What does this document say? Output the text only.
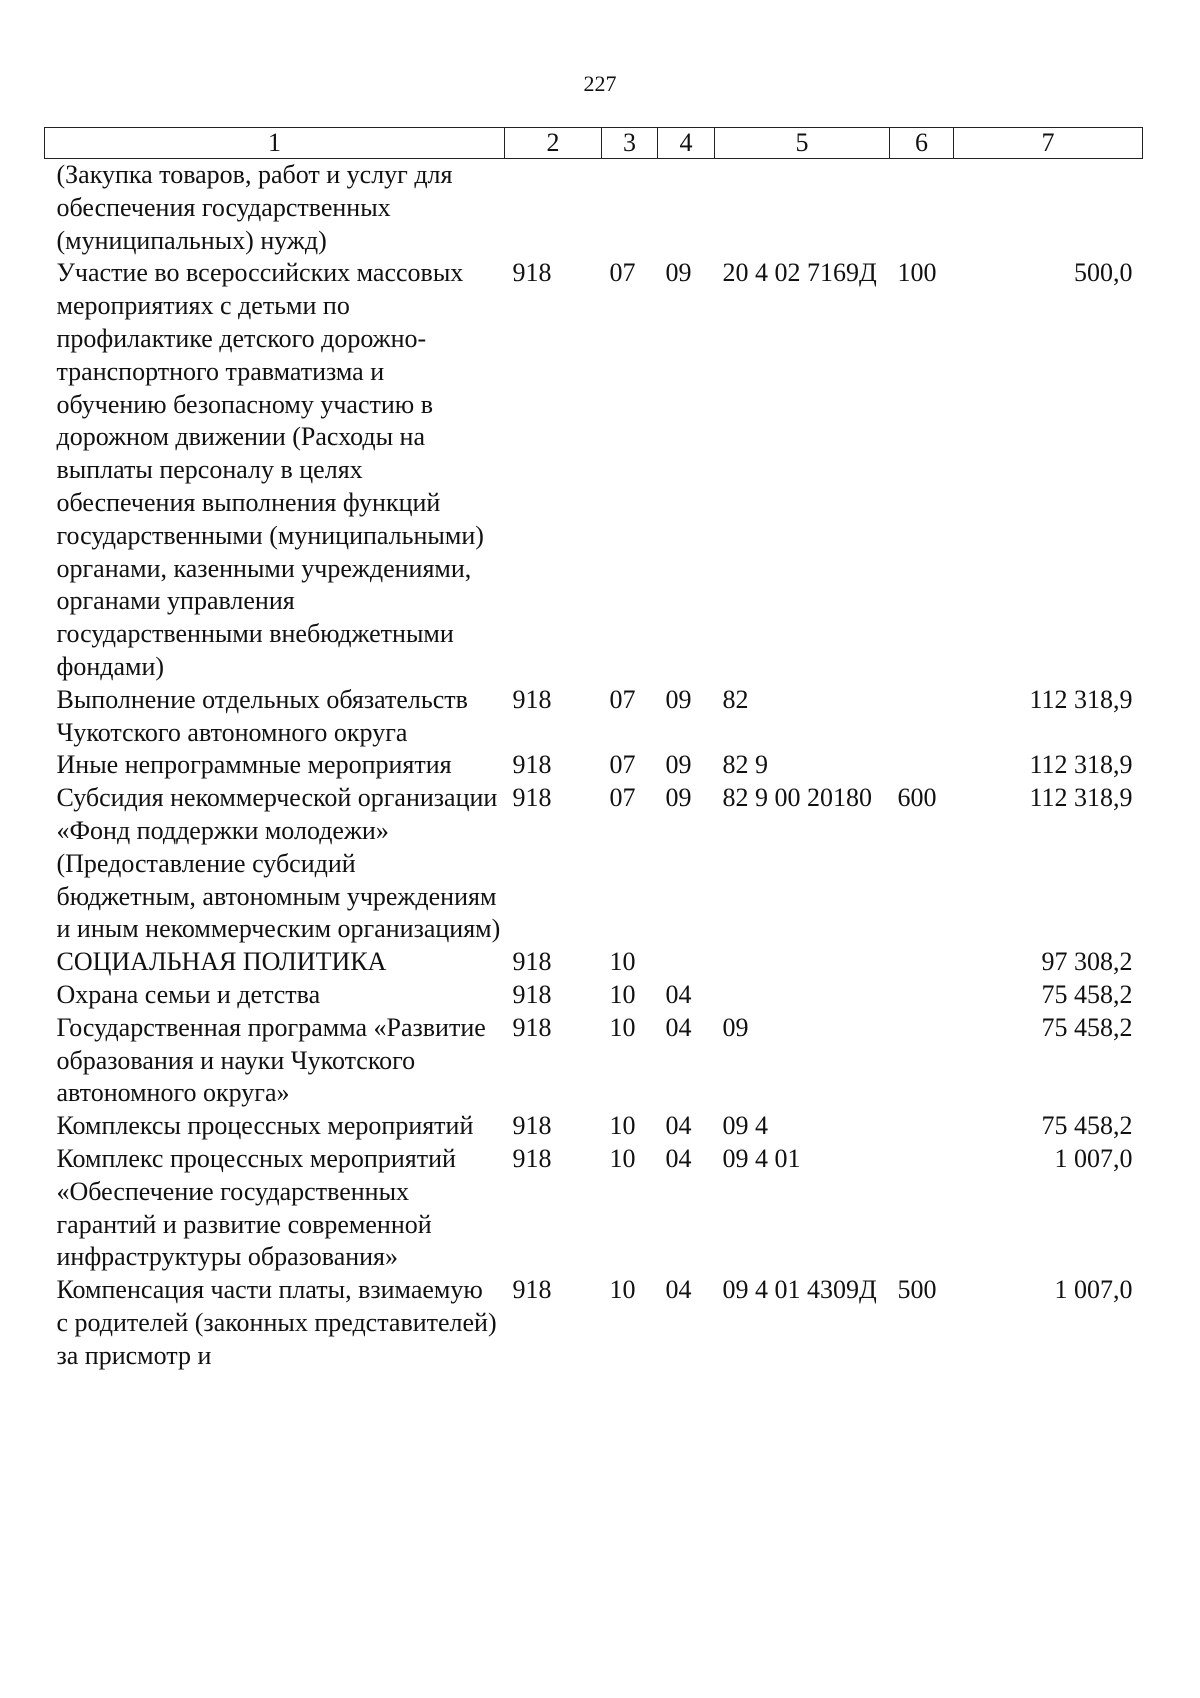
227
1	2	3	4	5	6	7
(Закупка товаров, работ и услуг для обеспечения государственных (муниципальных) нужд)						
Участие во всероссийских массовых мероприятиях с детьми по профилактике детского дорожно-транспортного травматизма и обучению безопасному участию в дорожном движении (Расходы на выплаты персоналу в целях обеспечения выполнения функций государственными (муниципальными) органами, казенными учреждениями, органами управления государственными внебюджетными фондами)	918	07	09	20 4 02 7169Д	100	500,0
Выполнение отдельных обязательств Чукотского автономного округа	918	07	09	82		112 318,9
Иные непрограммные мероприятия	918	07	09	82 9		112 318,9
Субсидия некоммерческой организации «Фонд поддержки молодежи» (Предоставление субсидий бюджетным, автономным учреждениям и иным некоммерческим организациям)	918	07	09	82 9 00 20180	600	112 318,9
СОЦИАЛЬНАЯ ПОЛИТИКА	918	10				97 308,2
Охрана семьи и детства	918	10	04			75 458,2
Государственная программа «Развитие образования и науки Чукотского автономного округа»	918	10	04	09		75 458,2
Комплексы процессных мероприятий	918	10	04	09 4		75 458,2
Комплекс процессных мероприятий «Обеспечение государственных гарантий и развитие современной инфраструктуры образования»	918	10	04	09 4 01		1 007,0
Компенсация части платы, взимаемую с родителей (законных представителей) за присмотр и	918	10	04	09 4 01 4309Д	500	1 007,0
